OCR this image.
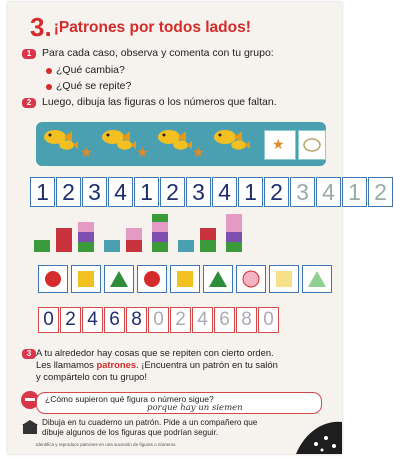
3. ¡Patrones por todos lados!
1	Para cada caso, observa y comenta con tu grupo:
¿Qué cambia?
¿Qué se repite?
2	Luego, dibuja las figuras o los números que faltan.
★	★	★	★
1 2 3 4 1 2 3 4 1 2 3 4 1 2
0 2 4 6 8 0 2 4 6 8 0
3 A tu alrededor hay cosas que se repiten con cierto orden.
Les llamamos patrones. ¡Encuentra un patrón en tu salón
y compártelo con tu grupo!
¿Cómo supieron qué figura o número sigue?
porque hay un siemen
Dibuja en tu cuaderno un patrón. Pide a un compañero que
dibuje algunos de los figuras que podrían seguir.
Identifica y reproduce patrones en una sucesión de figuras o números.
